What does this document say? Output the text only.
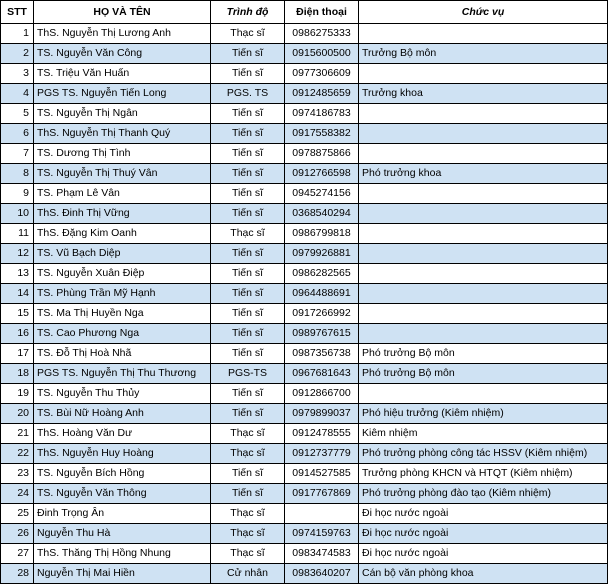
STT	HỌ VÀ TÊN	Trình độ	Điện thoại	Chức vụ
1	ThS. Nguyễn Thị Lương Anh	Thạc sĩ	0986275333	
2	TS. Nguyễn Văn Công	Tiến sĩ	0915600500	Trưởng Bộ môn
3	TS. Triệu Văn Huấn	Tiến sĩ	0977306609	
4	PGS TS. Nguyễn Tiến Long	PGS. TS	0912485659	Trưởng khoa
5	TS. Nguyễn Thị Ngân	Tiến sĩ	0974186783	
6	ThS. Nguyễn Thị Thanh Quý	Tiến sĩ	0917558382	
7	TS. Dương Thị Tình	Tiến sĩ	0978875866	
8	TS. Nguyễn Thị Thuý Vân	Tiến sĩ	0912766598	Phó trưởng khoa
9	TS. Phạm Lê Vân	Tiến sĩ	0945274156	
10	ThS. Đinh Thị Vững	Tiến sĩ	0368540294	
11	ThS. Đặng Kim Oanh	Thạc sĩ	0986799818	
12	TS. Vũ Bạch Diệp	Tiến sĩ	0979926881	
13	TS. Nguyễn Xuân Điệp	Tiến sĩ	0986282565	
14	TS. Phùng Trần Mỹ Hạnh	Tiến sĩ	0964488691	
15	TS. Ma Thị Huyền Nga	Tiến sĩ	0917266992	
16	TS. Cao Phương Nga	Tiến sĩ	0989767615	
17	TS. Đỗ Thị Hoà Nhã	Tiến sĩ	0987356738	Phó trưởng Bộ môn
18	PGS TS. Nguyễn Thị Thu Thương	PGS-TS	0967681643	Phó trưởng Bộ môn
19	TS. Nguyễn Thu Thủy	Tiến sĩ	0912866700	
20	TS. Bùi Nữ Hoàng Anh	Tiến sĩ	0979899037	Phó hiệu trưởng (Kiêm nhiệm)
21	ThS. Hoàng Văn Dư	Thạc sĩ	0912478555	Kiêm nhiệm
22	ThS. Nguyễn Huy Hoàng	Thạc sĩ	0912737779	Phó trưởng phòng công tác HSSV (Kiêm nhiệm)
23	TS. Nguyễn Bích Hồng	Tiến sĩ	0914527585	Trưởng phòng KHCN và HTQT (Kiêm nhiệm)
24	TS. Nguyễn Văn Thông	Tiến sĩ	0917767869	Phó trưởng phòng đào tạo (Kiêm nhiệm)
25	Đinh Trọng Ân	Thạc sĩ		Đi học nước ngoài
26	Nguyễn Thu Hà	Thạc sĩ	0974159763	Đi học nước ngoài
27	ThS. Thăng Thị Hồng Nhung	Thạc sĩ	0983474583	Đi học nước ngoài
28	Nguyễn Thị Mai Hiền	Cử nhân	0983640207	Cán bộ văn phòng khoa
